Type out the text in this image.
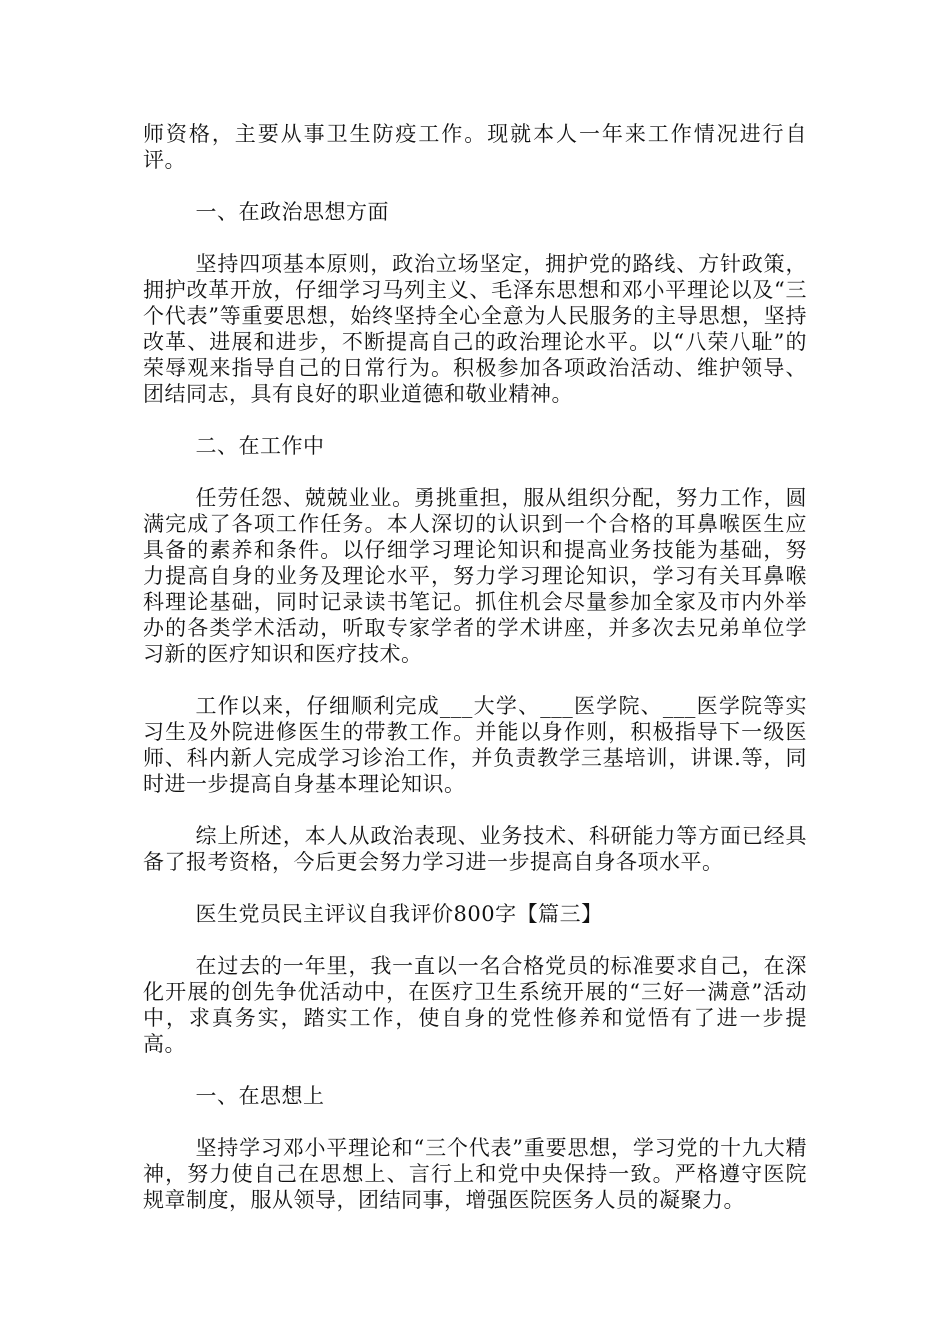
师资格，主要从事卫生防疫工作。现就本人一年来工作情况进行自评。

一、在政治思想方面

坚持四项基本原则，政治立场坚定，拥护党的路线、方针政策，拥护改革开放，仔细学习马列主义、毛泽东思想和邓小平理论以及“三个代表”等重要思想，始终坚持全心全意为人民服务的主导思想，坚持改革、进展和进步，不断提高自己的政治理论水平。以“八荣八耻”的荣辱观来指导自己的日常行为。积极参加各项政治活动、维护领导、团结同志，具有良好的职业道德和敬业精神。

二、在工作中

任劳任怨、兢兢业业。勇挑重担，服从组织分配，努力工作，圆满完成了各项工作任务。本人深切的认识到一个合格的耳鼻喉医生应具备的素养和条件。以仔细学习理论知识和提高业务技能为基础，努力提高自身的业务及理论水平，努力学习理论知识，学习有关耳鼻喉科理论基础，同时记录读书笔记。抓住机会尽量参加全家及市内外举办的各类学术活动，听取专家学者的学术讲座，并多次去兄弟单位学习新的医疗知识和医疗技术。

工作以来，仔细顺利完成___大学、___医学院、___医学院等实习生及外院进修医生的带教工作。并能以身作则，积极指导下一级医师、科内新人完成学习诊治工作，并负责教学三基培训，讲课.等，同时进一步提高自身基本理论知识。

综上所述，本人从政治表现、业务技术、科研能力等方面已经具备了报考资格，今后更会努力学习进一步提高自身各项水平。

医生党员民主评议自我评价800字【篇三】

在过去的一年里，我一直以一名合格党员的标准要求自己，在深化开展的创先争优活动中，在医疗卫生系统开展的“三好一满意”活动中，求真务实，踏实工作，使自身的党性修养和觉悟有了进一步提高。

一、在思想上

坚持学习邓小平理论和“三个代表”重要思想，学习党的十九大精神，努力使自己在思想上、言行上和党中央保持一致。严格遵守医院规章制度，服从领导，团结同事，增强医院医务人员的凝聚力。
